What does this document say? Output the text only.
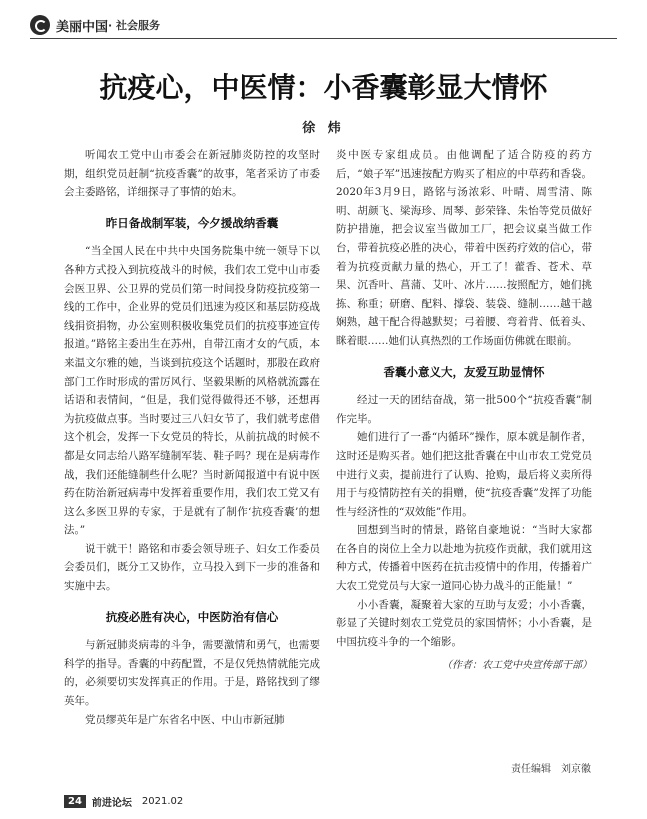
美丽中国 · 社会服务
抗疫心，中医情：小香囊彰显大情怀
徐 炜

听闻农工党中山市委会在新冠肺炎防控的攻坚时期，组织党员赶制“抗疫香囊”的故事，笔者采访了市委会主委路铭，详细探寻了事情的始末。

昨日备战制军装，今夕援战纳香囊

“当全国人民在中共中央国务院集中统一领导下以各种方式投入到抗疫战斗的时候，我们农工党中山市委会医卫界、公卫界的党员们第一时间投身防疫抗疫第一线的工作中，企业界的党员们迅速为疫区和基层防疫战线捐资捐物，办公室则积极收集党员们的抗疫事迹宣传报道。”路铭主委出生在苏州，自带江南才女的气质，本来温文尔雅的她，当谈到抗疫这个话题时，那股在政府部门工作时形成的雷厉风行、坚毅果断的风格就流露在话语和表情间，“但是，我们觉得做得还不够，还想再为抗疫做点事。当时要过三八妇女节了，我们就考虑借这个机会，发挥一下女党员的特长，从前抗战的时候不都是女同志给八路军缝制军装、鞋子吗？现在是病毒作战，我们还能缝制些什么呢？当时新闻报道中有说中医药在防治新冠病毒中发挥着重要作用，我们农工党又有这么多医卫界的专家，于是就有了制作‘抗疫香囊’的想法。”

说干就干！路铭和市委会领导班子、妇女工作委员会委员们，既分工又协作，立马投入到下一步的准备和实施中去。

抗疫必胜有决心，中医防治有信心

与新冠肺炎病毒的斗争，需要激情和勇气，也需要科学的指导。香囊的中药配置，不是仅凭热情就能完成的，必须要切实发挥真正的作用。于是，路铭找到了缪英年。

党员缪英年是广东省名中医、中山市新冠肺

炎中医专家组成员。由他调配了适合防疫的药方后，“娘子军”迅速按配方购买了相应的中草药和香袋。2020年3月9日，路铭与汤浓彩、叶晴、周雪清、陈明、胡颜飞、梁海珍、周琴、彭荣锋、朱怡等党员做好防护措施，把会议室当做加工厂，把会议桌当做工作台，带着抗疫必胜的决心，带着中医药疗效的信心，带着为抗疫贡献力量的热心，开工了！藿香、苍术、草果、沉香叶、菖蒲、艾叶、冰片……按照配方，她们挑拣、称重；研磨、配料、撑袋、装袋、缝制……越干越娴熟，越干配合得越默契；弓着腰、弯着背、低着头、眯着眼……她们认真热烈的工作场面仿佛就在眼前。

香囊小意义大，友爱互助显情怀

经过一天的团结奋战，第一批500个“抗疫香囊”制作完毕。

她们进行了一番“内循环”操作，原本就是制作者，这时还是购买者。她们把这批香囊在中山市农工党党员中进行义卖，提前进行了认购、抢购，最后将义卖所得用于与疫情防控有关的捐赠，使“抗疫香囊”发挥了功能性与经济性的“双效能”作用。

回想到当时的情景，路铭自豪地说：“当时大家都在各自的岗位上全力以赴地为抗疫作贡献，我们就用这种方式，传播着中医药在抗击疫情中的作用，传播着广大农工党党员与大家一道同心协力战斗的正能量！”

小小香囊，凝聚着大家的互助与友爱；小小香囊，彰显了关键时刻农工党党员的家国情怀；小小香囊，是中国抗疫斗争的一个缩影。

（作者：农工党中央宣传部干部）
责任编辑　刘京徽
24	前进论坛 2021.02
